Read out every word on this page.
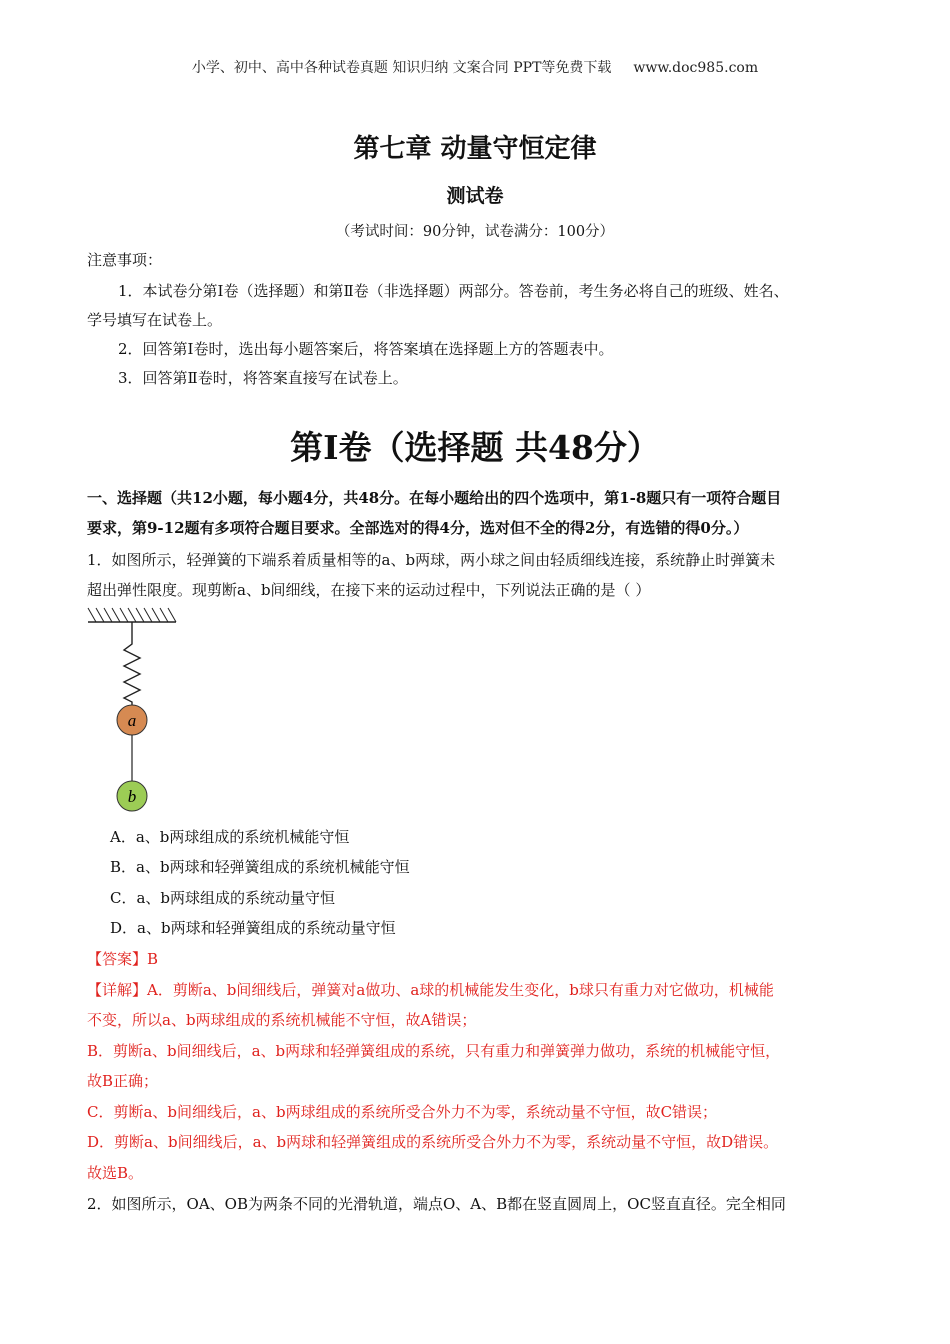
小学、初中、高中各种试卷真题 知识归纳 文案合同 PPT等免费下载 www.doc985.com
第七章 动量守恒定律
测试卷
（考试时间：90分钟，试卷满分：100分）
注意事项：
1．本试卷分第Ⅰ卷（选择题）和第Ⅱ卷（非选择题）两部分。答卷前，考生务必将自己的班级、姓名、
学号填写在试卷上。
2．回答第Ⅰ卷时，选出每小题答案后，将答案填在选择题上方的答题表中。
3．回答第Ⅱ卷时，将答案直接写在试卷上。
第Ⅰ卷（选择题 共48分）
一、选择题（共12小题，每小题4分，共48分。在每小题给出的四个选项中，第1-8题只有一项符合题目
要求，第9-12题有多项符合题目要求。全部选对的得4分，选对但不全的得2分，有选错的得0分。）
1．如图所示，轻弹簧的下端系着质量相等的a、b两球，两小球之间由轻质细线连接，系统静止时弹簧未
超出弹性限度。现剪断a、b间细线，在接下来的运动过程中，下列说法正确的是（ ）
a
b
A．a、b两球组成的系统机械能守恒
B．a、b两球和轻弹簧组成的系统机械能守恒
C．a、b两球组成的系统动量守恒
D．a、b两球和轻弹簧组成的系统动量守恒
【答案】B
【详解】A．剪断a、b间细线后，弹簧对a做功、a球的机械能发生变化，b球只有重力对它做功，机械能
不变，所以a、b两球组成的系统机械能不守恒，故A错误；
B．剪断a、b间细线后，a、b两球和轻弹簧组成的系统，只有重力和弹簧弹力做功，系统的机械能守恒，
故B正确；
C．剪断a、b间细线后，a、b两球组成的系统所受合外力不为零，系统动量不守恒，故C错误；
D．剪断a、b间细线后，a、b两球和轻弹簧组成的系统所受合外力不为零，系统动量不守恒，故D错误。
故选B。
2．如图所示，OA、OB为两条不同的光滑轨道，端点O、A、B都在竖直圆周上，OC竖直直径。完全相同
